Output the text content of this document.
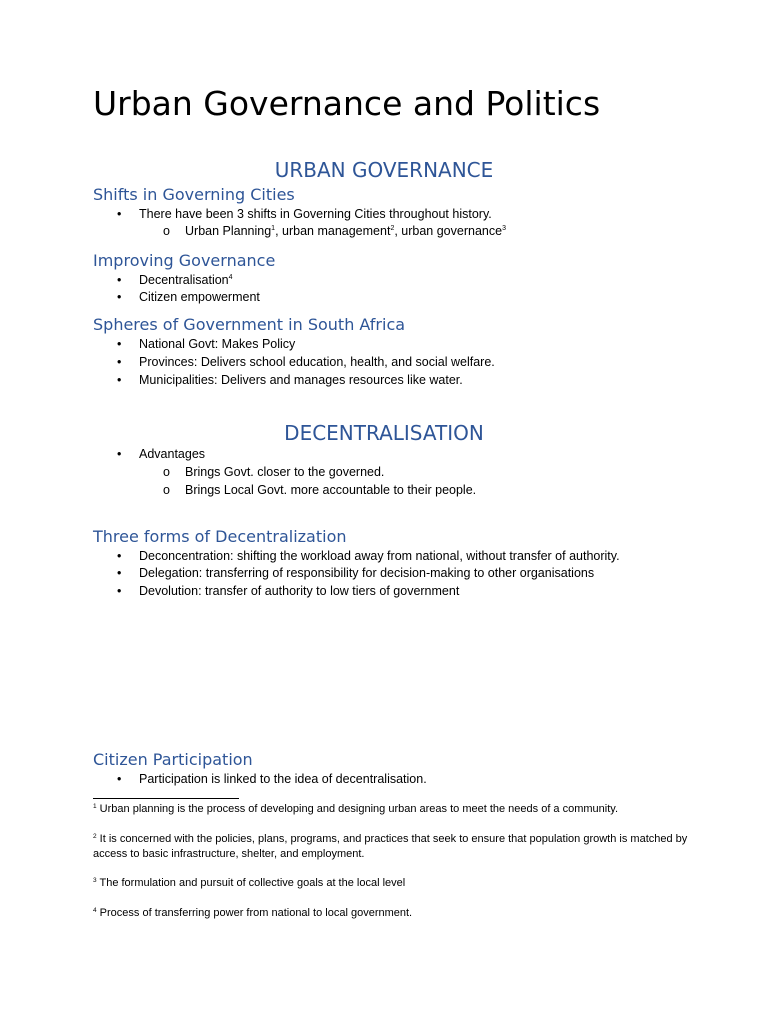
Urban Governance and Politics
URBAN GOVERNANCE
Shifts in Governing Cities
• There have been 3 shifts in Governing Cities throughout history.
o Urban Planning$^1$, urban management$^2$, urban governance$^3$
Improving Governance
• Decentralisation$^4$
• Citizen empowerment
Spheres of Government in South Africa
• National Govt: Makes Policy
• Provinces: Delivers school education, health, and social welfare.
• Municipalities: Delivers and manages resources like water.
DECENTRALISATION
• Advantages
o Brings Govt. closer to the governed.
o Brings Local Govt. more accountable to their people.
Three forms of Decentralization
• Deconcentration: shifting the workload away from national, without transfer of authority.
• Delegation: transferring of responsibility for decision-making to other organisations
• Devolution: transfer of authority to low tiers of government
Citizen Participation
• Participation is linked to the idea of decentralisation.
$^1$ Urban planning is the process of developing and designing urban areas to meet the needs of a community.
$^2$ It is concerned with the policies, plans, programs, and practices that seek to ensure that population growth is matched by access to basic infrastructure, shelter, and employment.
$^3$ The formulation and pursuit of collective goals at the local level
$^4$ Process of transferring power from national to local government.
